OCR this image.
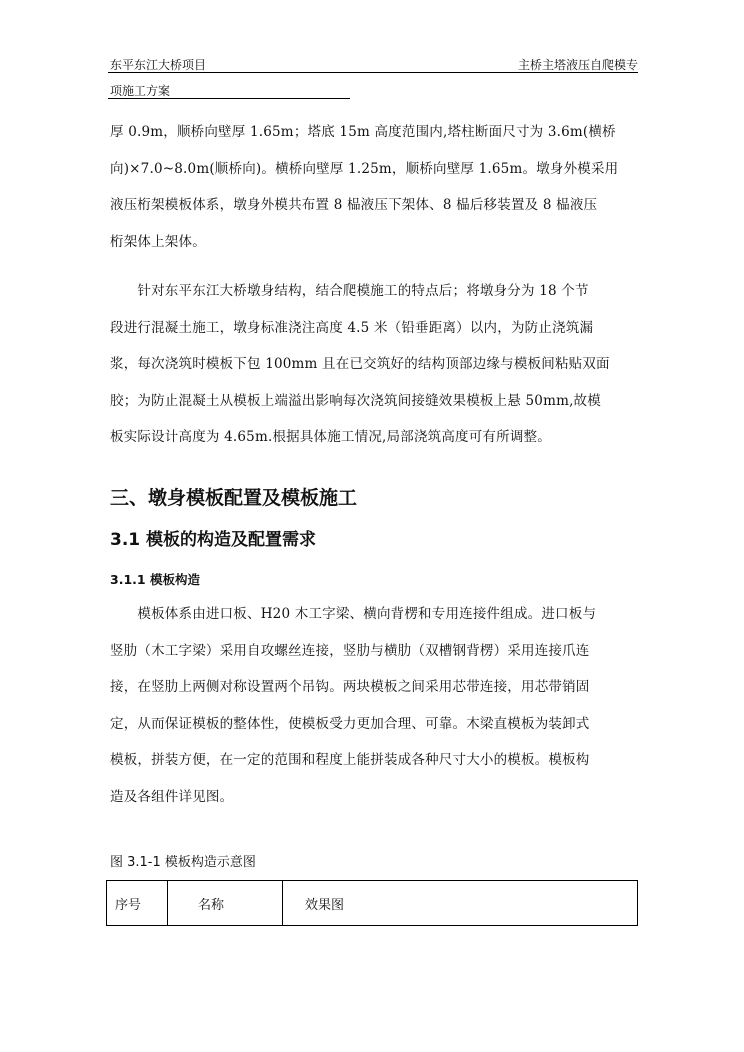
东平东江大桥项目	主桥主塔液压自爬模专
项施工方案
厚 0.9m，顺桥向壁厚 1.65m；塔底 15m 高度范围内,塔柱断面尺寸为 3.6m(横桥
向)×7.0~8.0m(顺桥向)。横桥向壁厚 1.25m，顺桥向壁厚 1.65m。墩身外模采用
液压桁架模板体系，墩身外模共布置 8 榀液压下架体、8 榀后移装置及 8 榀液压
桁架体上架体。
　　针对东平东江大桥墩身结构，结合爬模施工的特点后；将墩身分为 18 个节
段进行混凝土施工，墩身标准浇注高度 4.5 米（铅垂距离）以内，为防止浇筑漏
浆，每次浇筑时模板下包 100mm 且在已交筑好的结构顶部边缘与模板间粘贴双面
胶；为防止混凝土从模板上端溢出影响每次浇筑间接缝效果模板上悬 50mm,故模
板实际设计高度为 4.65m.根据具体施工情况,局部浇筑高度可有所调整。
三、墩身模板配置及模板施工
3.1 模板的构造及配置需求
3.1.1 模板构造
　　模板体系由进口板、H20 木工字梁、横向背楞和专用连接件组成。进口板与
竖肋（木工字梁）采用自攻螺丝连接，竖肋与横肋（双槽钢背楞）采用连接爪连
接，在竖肋上两侧对称设置两个吊钩。两块模板之间采用芯带连接，用芯带销固
定，从而保证模板的整体性，使模板受力更加合理、可靠。木梁直模板为装卸式
模板，拼装方便，在一定的范围和程度上能拼装成各种尺寸大小的模板。模板构
造及各组件详见图。
图 3.1-1 模板构造示意图
序号	名称	效果图
